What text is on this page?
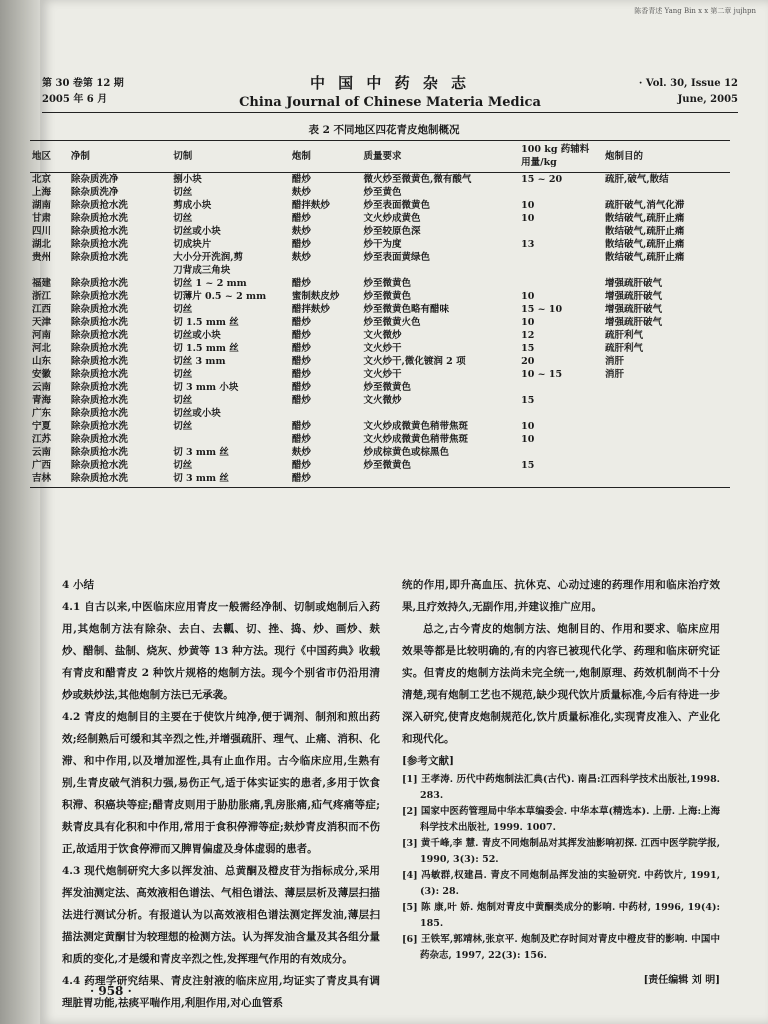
陈香青述 Yang Bin x x 第二章 jujhpn
第 30 卷第 12 期
2005 年 6 月
中 国 中 药 杂 志
China Journal of Chinese Materia Medica
· Vol. 30, Issue 12
June, 2005
表 2 不同地区四花青皮炮制概况
地区	净制	切制	炮制	质量要求	100 kg 药辅料
用量/kg	炮制目的
北京	除杂质洗净	捌小块	醋炒	微火炒至微黄色,微有酸气	15 ~ 20	疏肝,破气,散结
上海	除杂质洗净	切丝	麸炒	炒至黄色		
湖南	除杂质抢水洗	剪成小块	醋拌麸炒	炒至表面微黄色	10	疏肝破气,消气化滞
甘肃	除杂质抢水洗	切丝	醋炒	文火炒成黄色	10	散结破气,疏肝止痛
四川	除杂质抢水洗	切丝或小块	麸炒	炒至较原色深		散结破气,疏肝止痛
湖北	除杂质抢水洗	切成块片	醋炒	炒干为度	13	散结破气,疏肝止痛
贵州	除杂质抢水洗	大小分开洗润,剪	麸炒	炒至表面黄绿色		散结破气,疏肝止痛
		刀背成三角块				
福建	除杂质抢水洗	切丝 1 ~ 2 mm	醋炒	炒至微黄色		增强疏肝破气
浙江	除杂质抢水洗	切薄片 0.5 ~ 2 mm	蜜制麸皮炒	炒至微黄色	10	增强疏肝破气
江西	除杂质抢水洗	切丝	醋拌麸炒	炒至微黄色略有醋味	15 ~ 10	增强疏肝破气
天津	除杂质抢水洗	切 1.5 mm 丝	醋炒	炒至微黄火色	10	增强疏肝破气
河南	除杂质抢水洗	切丝或小块	醋炒	文火微炒	12	疏肝利气
河北	除杂质抢水洗	切 1.5 mm 丝	醋炒	文火炒干	15	疏肝利气
山东	除杂质抢水洗	切丝 3 mm	醋炒	文火炒干,微化镀润 2 项	20	消肝
安徽	除杂质抢水洗	切丝	醋炒	文火炒干	10 ~ 15	消肝
云南	除杂质抢水洗	切 3 mm 小块	醋炒	炒至微黄色		
青海	除杂质抢水洗	切丝	醋炒	文火微炒	15	
广东	除杂质抢水洗	切丝或小块				
宁夏	除杂质抢水洗	切丝	醋炒	文火炒成微黄色稍带焦斑	10	
江苏	除杂质抢水洗		醋炒	文火炒成微黄色稍带焦斑	10	
云南	除杂质抢水洗	切 3 mm 丝	麸炒	炒成棕黄色或棕黑色		
广西	除杂质抢水洗	切丝	醋炒	炒至微黄色	15	
吉林	除杂质抢水洗	切 3 mm 丝	醋炒			

4 小结

4.1 自古以来,中医临床应用青皮一般需经净制、切制或炮制后入药用,其炮制方法有除杂、去白、去瓤、切、挫、捣、炒、画炒、麸炒、醋制、盐制、烧灰、炒黄等 13 种方法。现行《中国药典》收载有青皮和醋青皮 2 种饮片规格的炮制方法。现今个别省市仍沿用清炒或麸炒法,其他炮制方法已无承袭。

4.2 青皮的炮制目的主要在于使饮片纯净,便于调剂、制剂和煎出药效;经制熟后可缓和其辛烈之性,并增强疏肝、理气、止痛、消积、化滞、和中作用,以及增加涩性,具有止血作用。古今临床应用,生熟有别,生青皮破气消积力强,易伤正气,适于体实证实的患者,多用于饮食积滞、积癌块等症;醋青皮则用于胁肋胀痛,乳房胀痛,疝气疼痛等症;麸青皮具有化积和中作用,常用于食积停滞等症;麸炒青皮消积而不伤正,故适用于饮食停滞而又脾胃偏虚及身体虚弱的患者。

4.3 现代炮制研究大多以挥发油、总黄酮及橙皮苷为指标成分,采用挥发油测定法、高效液相色谱法、气相色谱法、薄层层析及薄层扫描法进行测试分析。有报道认为以高效液相色谱法测定挥发油,薄层扫描法测定黄酮甘为较理想的检测方法。认为挥发油含量及其各组分量和质的变化,才是缓和青皮辛烈之性,发挥理气作用的有效成分。

4.4 药理学研究结果、青皮注射液的临床应用,均证实了青皮具有调理脏胃功能,祛痰平喘作用,利胆作用,对心血管系

统的作用,即升高血压、抗休克、心动过速的药理作用和临床治疗效果,且疗效持久,无副作用,并建议推广应用。

总之,古今青皮的炮制方法、炮制目的、作用和要求、临床应用效果等都是比较明确的,有的内容已被现代化学、药理和临床研究证实。但青皮的炮制方法尚未完全统一,炮制原理、药效机制尚不十分清楚,现有炮制工艺也不规范,缺少现代饮片质量标准,今后有待进一步深入研究,使青皮炮制规范化,饮片质量标准化,实现青皮准入、产业化和现代化。

[参考文献]

[1] 王孝涛. 历代中药炮制法汇典(古代). 南昌:江西科学技术出版社,1998. 283.

[2] 国家中医药管理局中华本草编委会. 中华本草(精选本). 上册. 上海:上海科学技术出版社, 1999. 1007.

[3] 黄千峰,李 慧. 青皮不同炮制品对其挥发油影响初探. 江西中医学院学报, 1990, 3(3): 52.

[4] 冯敏群,权建昌. 青皮不同炮制品挥发油的实验研究. 中药饮片, 1991, (3): 28.

[5] 陈 康,叶 娇. 炮制对青皮中黄酮类成分的影响. 中药材, 1996, 19(4): 185.

[6] 王铁军,郭靖林,张京平. 炮制及贮存时间对青皮中橙皮苷的影响. 中国中药杂志, 1997, 22(3): 156.

[责任编辑 刘 明]
· 958 ·
